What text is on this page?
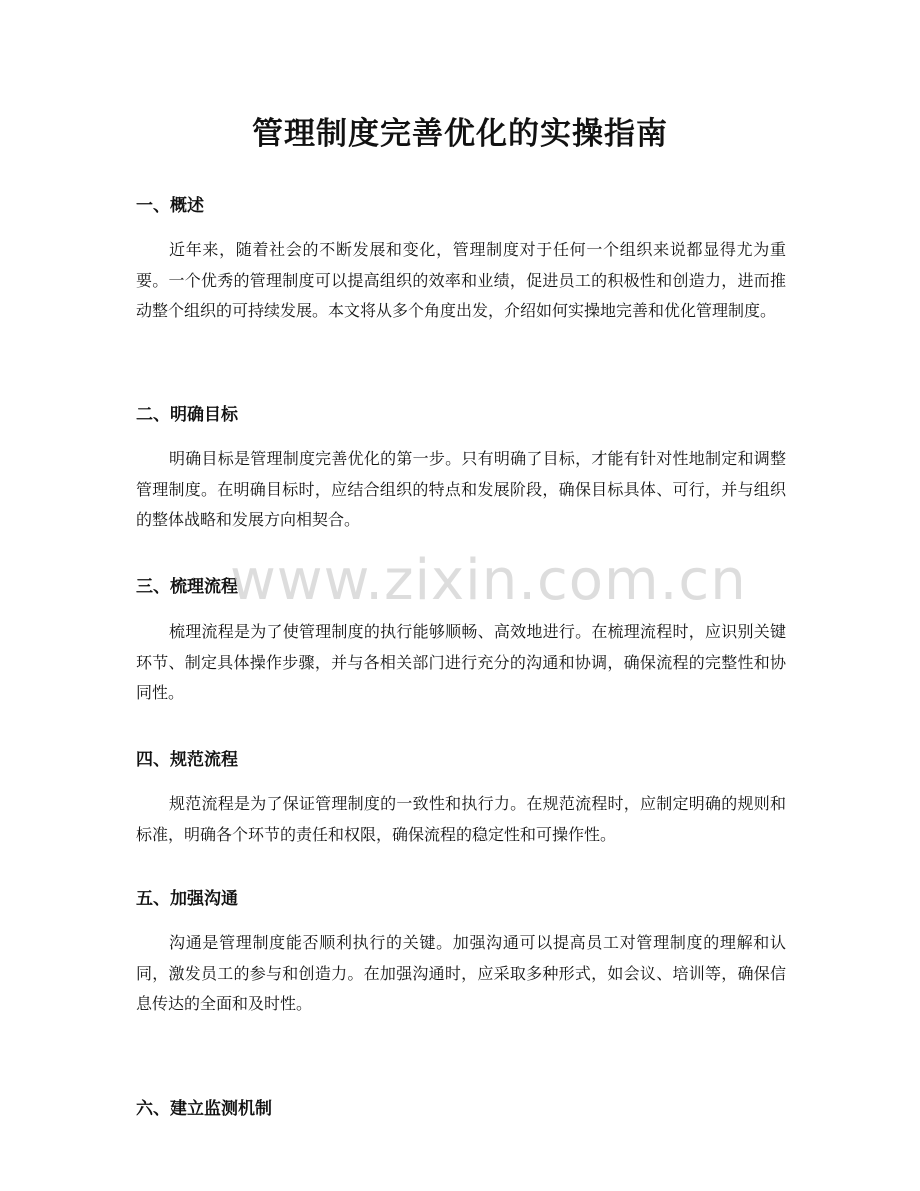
管理制度完善优化的实操指南
一、概述

近年来，随着社会的不断发展和变化，管理制度对于任何一个组织来说都显得尤为重要。一个优秀的管理制度可以提高组织的效率和业绩，促进员工的积极性和创造力，进而推动整个组织的可持续发展。本文将从多个角度出发，介绍如何实操地完善和优化管理制度。

二、明确目标

明确目标是管理制度完善优化的第一步。只有明确了目标，才能有针对性地制定和调整管理制度。在明确目标时，应结合组织的特点和发展阶段，确保目标具体、可行，并与组织的整体战略和发展方向相契合。

三、梳理流程

梳理流程是为了使管理制度的执行能够顺畅、高效地进行。在梳理流程时，应识别关键环节、制定具体操作步骤，并与各相关部门进行充分的沟通和协调，确保流程的完整性和协同性。

四、规范流程

规范流程是为了保证管理制度的一致性和执行力。在规范流程时，应制定明确的规则和标准，明确各个环节的责任和权限，确保流程的稳定性和可操作性。

五、加强沟通

沟通是管理制度能否顺利执行的关键。加强沟通可以提高员工对管理制度的理解和认同，激发员工的参与和创造力。在加强沟通时，应采取多种形式，如会议、培训等，确保信息传达的全面和及时性。

六、建立监测机制
www.zixin.com.cn
